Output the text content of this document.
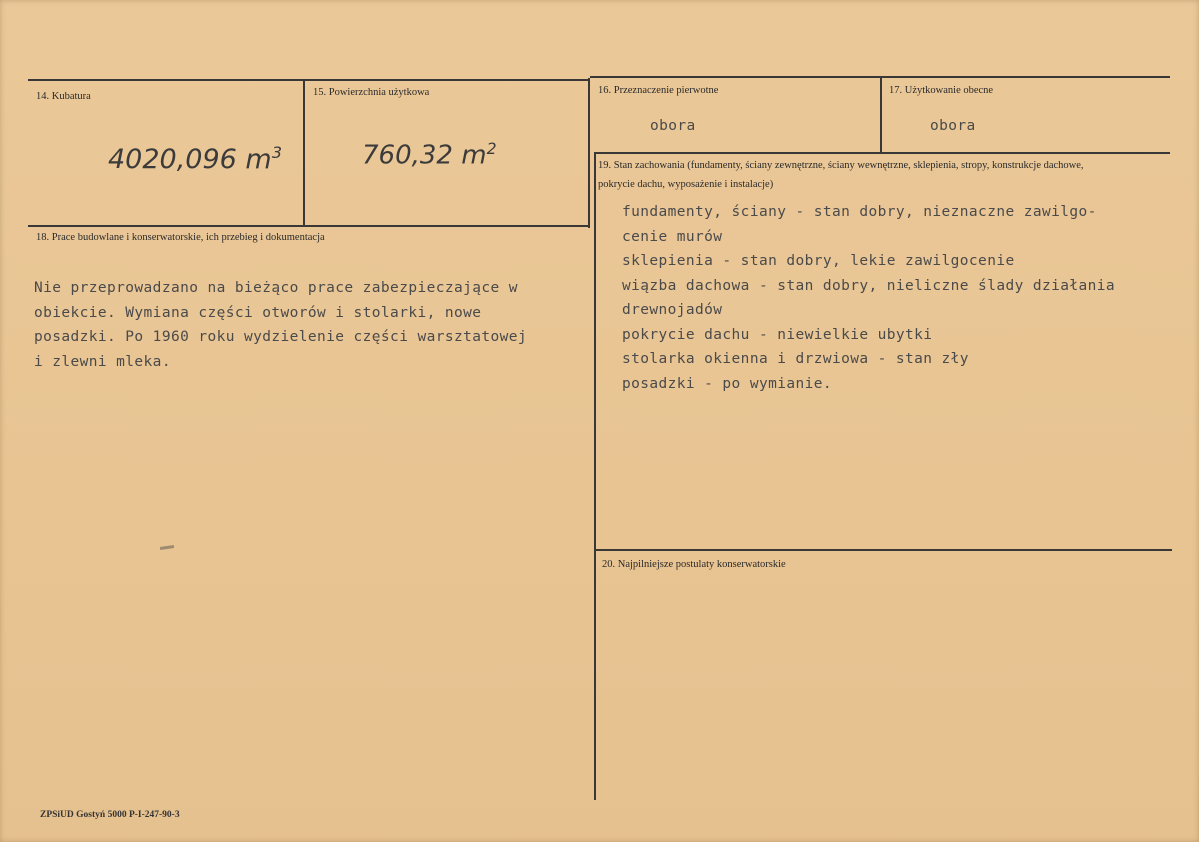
14. Kubatura
4020,096 $m^3$
15. Powierzchnia użytkowa
760,32 $m^2$
16. Przeznaczenie pierwotne
obora
17. Użytkowanie obecne
obora
18. Prace budowlane i konserwatorskie, ich przebieg i dokumentacja
Nie przeprowadzano na bieżąco prace zabezpieczające w
obiekcie. Wymiana części otworów i stolarki, nowe
posadzki. Po 1960 roku wydzielenie części warsztatowej
i zlewni mleka.
19. Stan zachowania (fundamenty, ściany zewnętrzne, ściany wewnętrzne, sklepienia, stropy, konstrukcje dachowe, pokrycie dachu, wyposażenie i instalacje)
fundamenty, ściany - stan dobry, nieznaczne zawilgo-
cenie murów
sklepienia - stan dobry, lekie zawilgocenie
wiązba dachowa - stan dobry, nieliczne ślady działania
drewnojadów
pokrycie dachu - niewielkie ubytki
stolarka okienna i drzwiowa - stan zły
posadzki - po wymianie.
20. Najpilniejsze postulaty konserwatorskie
ZPSiUD Gostyń 5000 P-I-247-90-3
